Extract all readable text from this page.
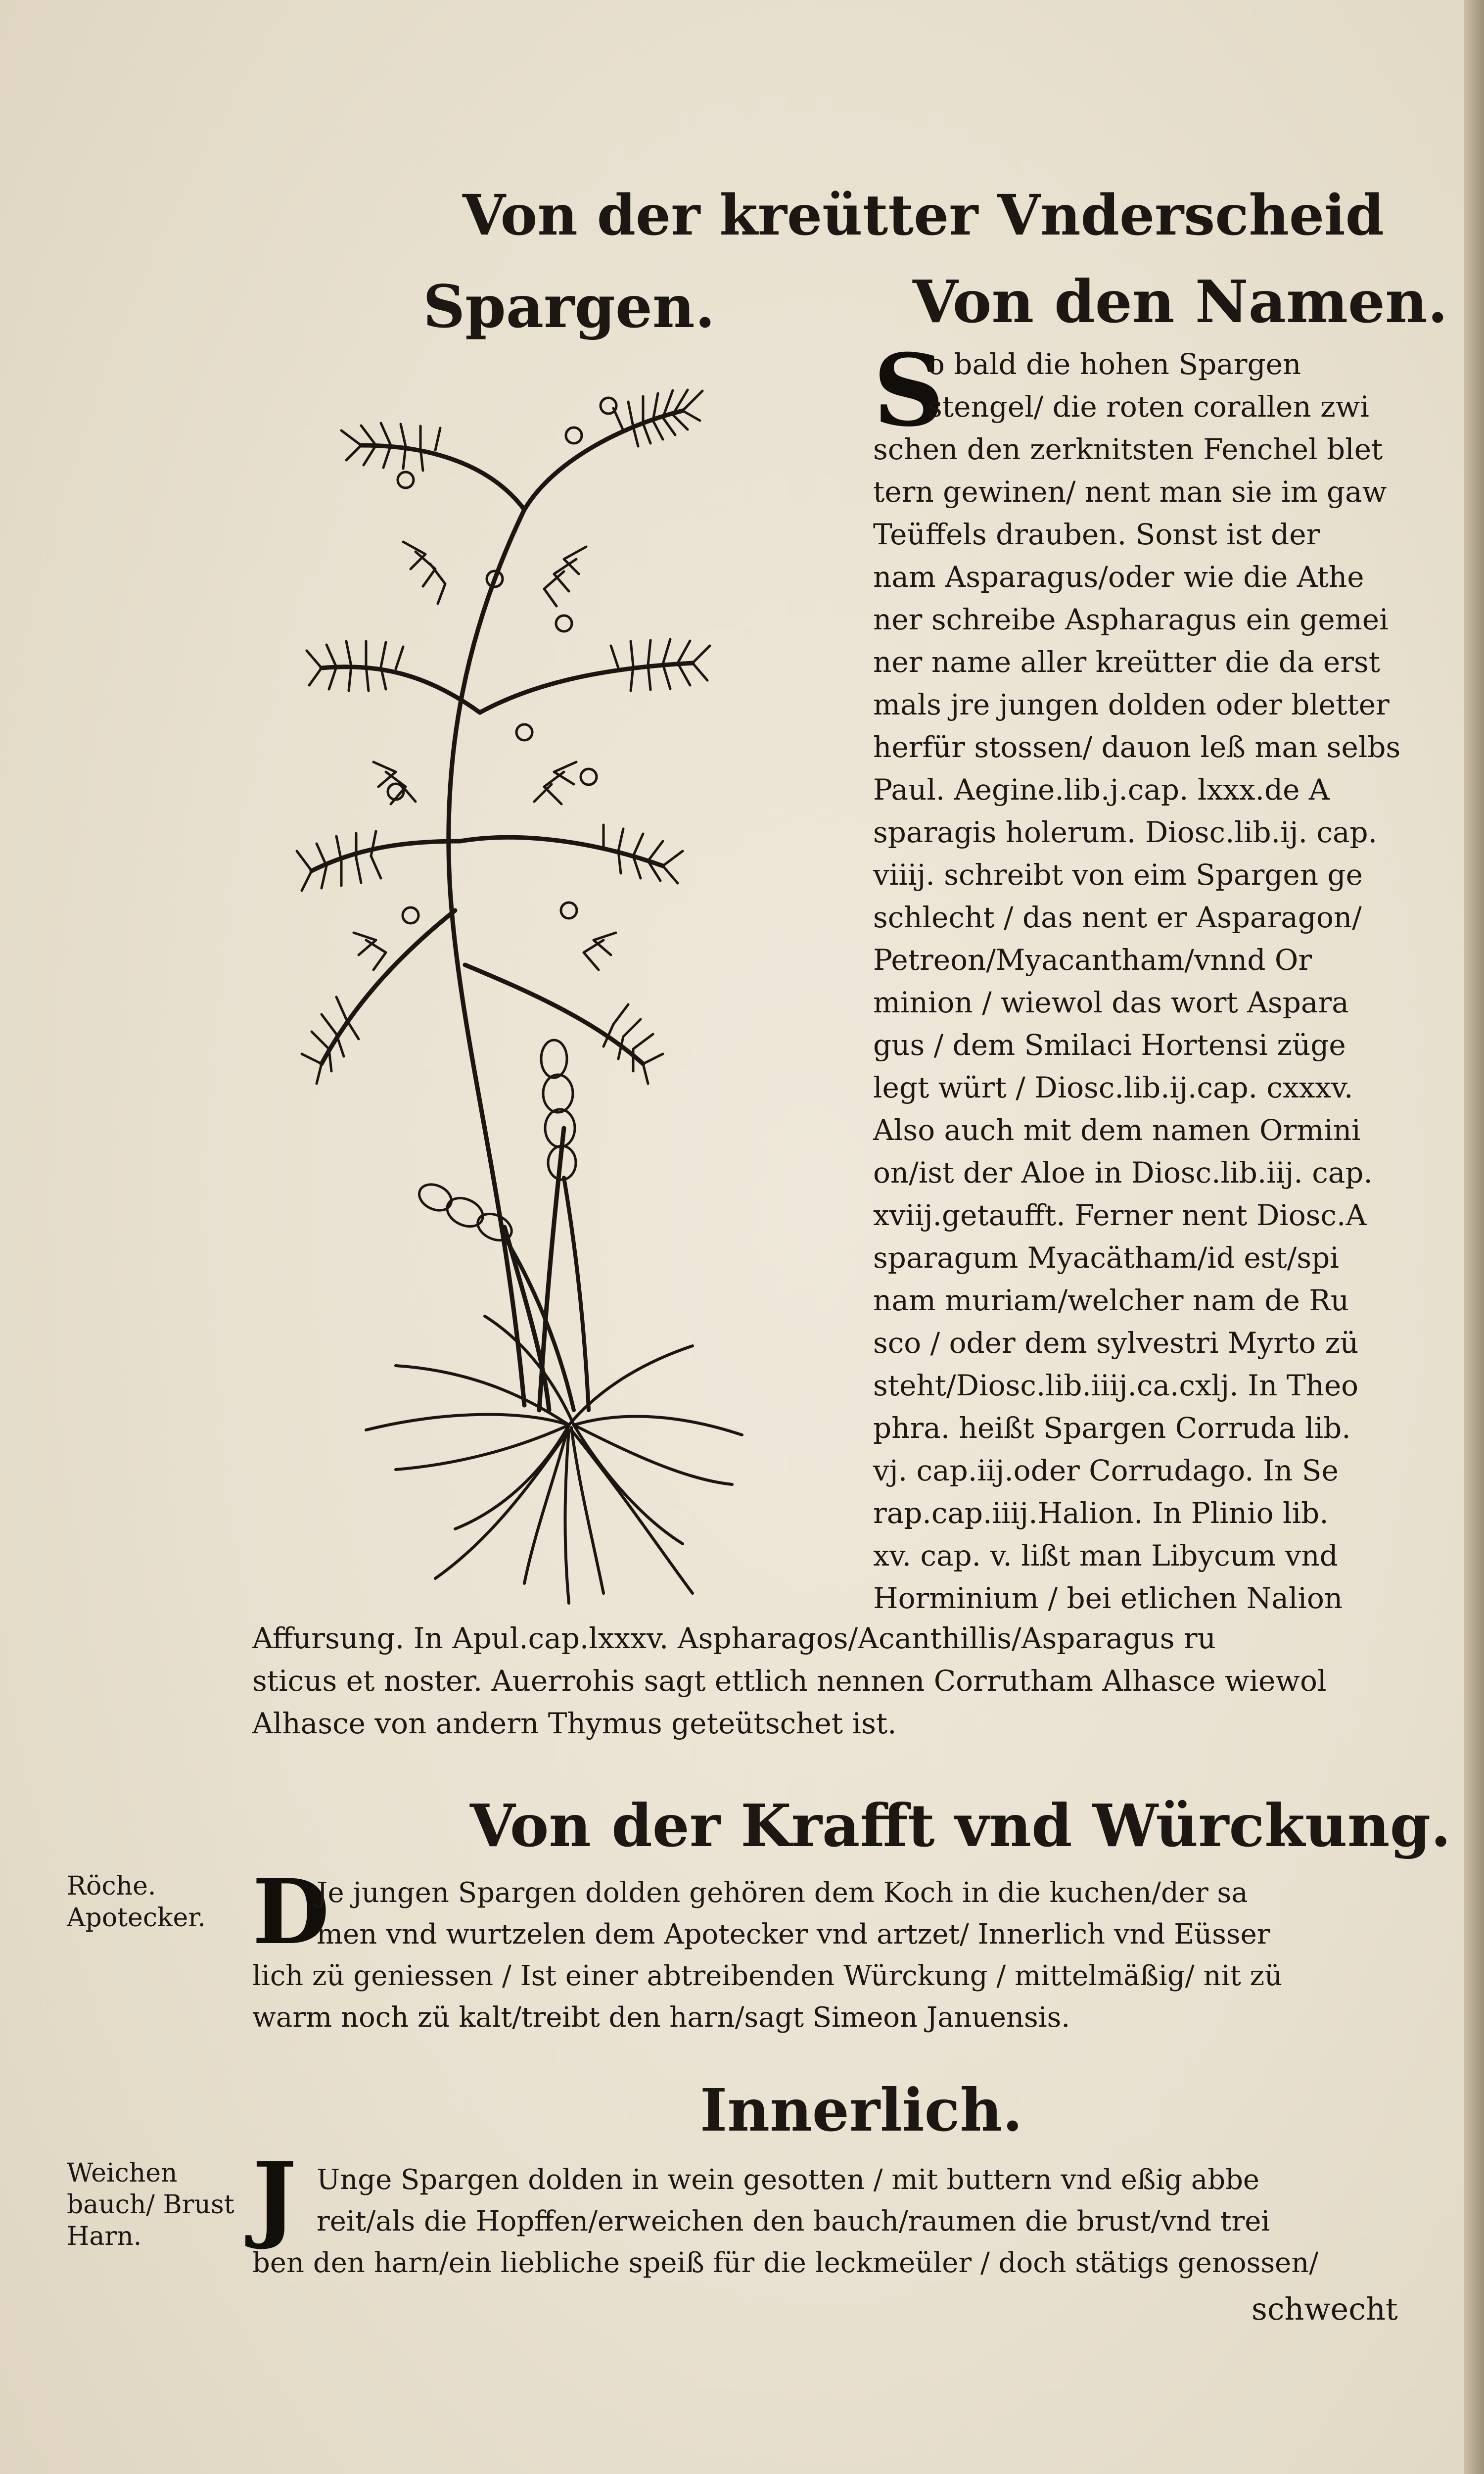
Von der kreütter Vnderscheid
Spargen.	Von den Namen.
S
o bald die hohen Spargen
stengel/ die roten corallen zwi
schen den zerknitsten Fenchel blet
tern gewinen/ nent man sie im gaw
Teüffels drauben. Sonst ist der
nam Asparagus/oder wie die Athe
ner schreibe Aspharagus ein gemei
ner name aller kreütter die da erst
mals jre jungen dolden oder bletter
herfür stossen/ dauon leß man selbs
Paul. Aegine.lib.j.cap. lxxx.de A
sparagis holerum. Diosc.lib.ij. cap.
viiij. schreibt von eim Spargen ge
schlecht / das nent er Asparagon/
Petreon/Myacantham/vnnd Or
minion / wiewol das wort Aspara
gus / dem Smilaci Hortensi züge
legt würt / Diosc.lib.ij.cap. cxxxv.
Also auch mit dem namen Ormini
on/ist der Aloe in Diosc.lib.iij. cap.
xviij.getaufft. Ferner nent Diosc.A
sparagum Myacätham/id est/spi
nam muriam/welcher nam de Ru
sco / oder dem sylvestri Myrto zü
steht/Diosc.lib.iiij.ca.cxlj. In Theo
phra. heißt Spargen Corruda lib.
vj. cap.iij.oder Corrudago. In Se
rap.cap.iiij.Halion. In Plinio lib.
xv. cap. v. lißt man Libycum vnd
Horminium / bei etlichen Nalion
Affursung. In Apul.cap.lxxxv. Aspharagos/Acanthillis/Asparagus ru
sticus et noster. Auerrohis sagt ettlich nennen Corrutham Alhasce wiewol
Alhasce von andern Thymus geteütschet ist.
Von der Krafft vnd Würckung.
Röche.
Apotecker. D
Je jungen Spargen dolden gehören dem Koch in die kuchen/der sa
men vnd wurtzelen dem Apotecker vnd artzet/ Innerlich vnd Eüsser
lich zü geniessen / Ist einer abtreibenden Würckung / mittelmäßig/ nit zü
warm noch zü kalt/treibt den harn/sagt Simeon Januensis.
Innerlich.
Weichen
bauch/ Brust
Harn.	J Unge Spargen dolden in wein gesotten / mit buttern vnd eßig abbe
reit/als die Hopffen/erweichen den bauch/raumen die brust/vnd trei
ben den harn/ein liebliche speiß für die leckmeüler / doch stätigs genossen/
schwecht
